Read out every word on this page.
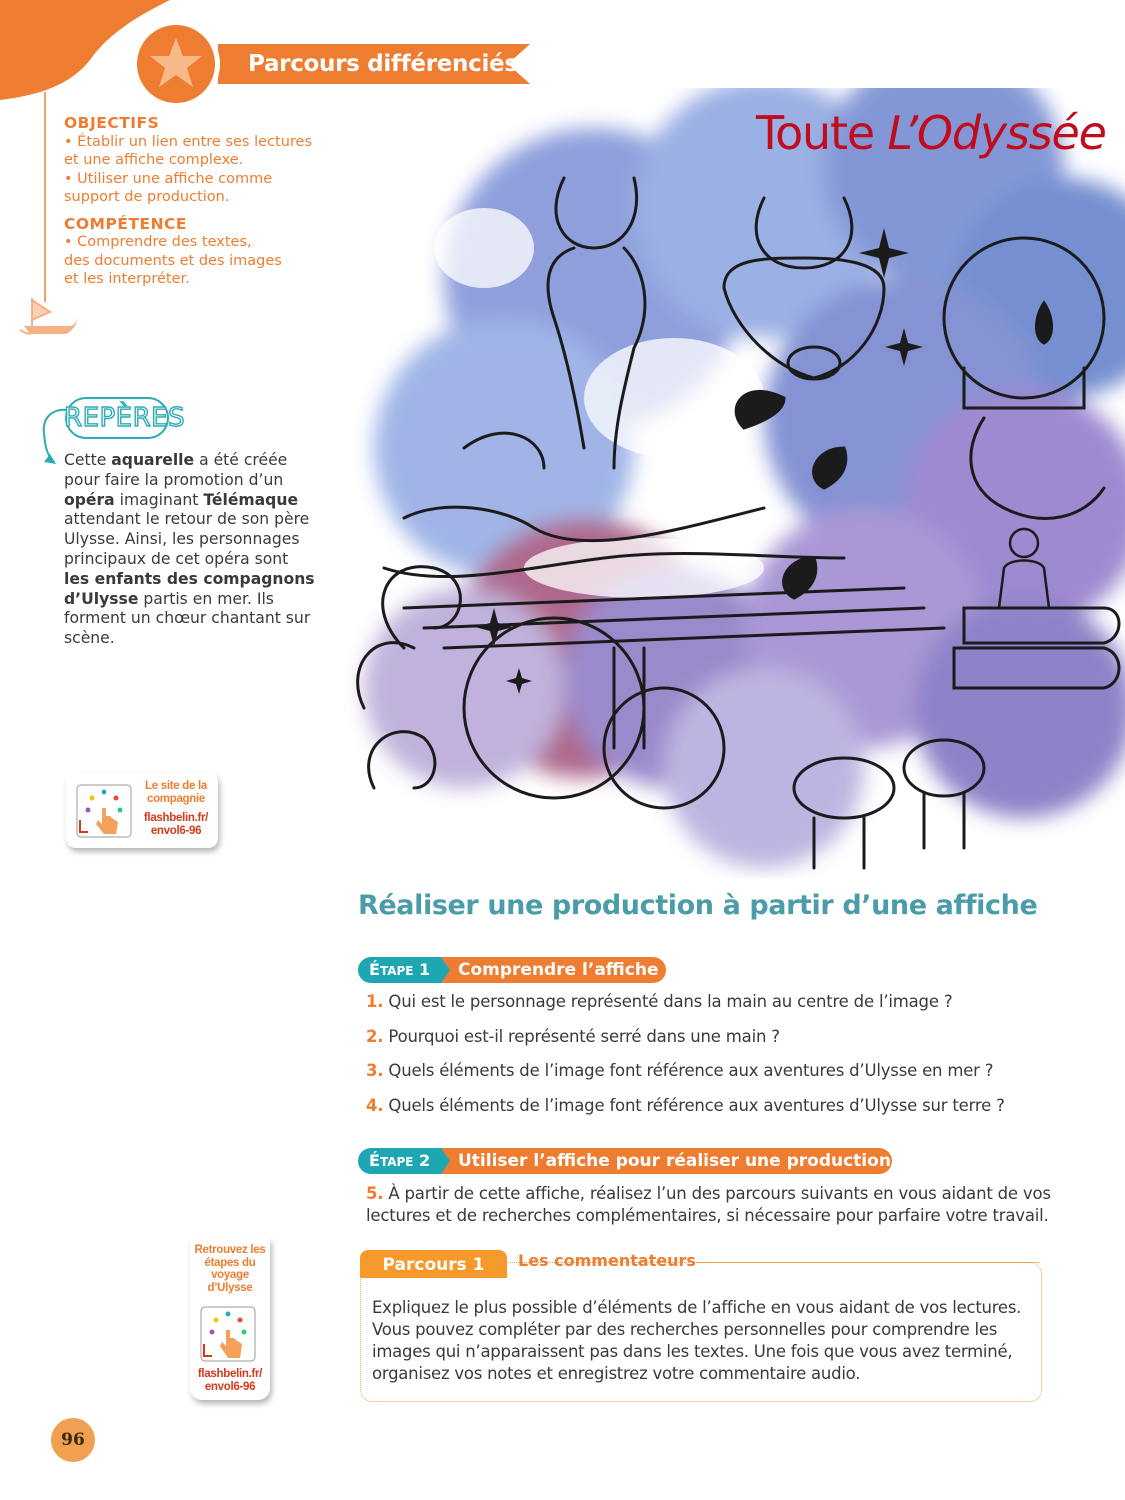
Parcours différenciés

OBJECTIFS

• Établir un lien entre ses lectures

et une affiche complexe.

• Utiliser une affiche comme

support de production.

COMPÉTENCE

• Comprendre des textes,

des documents et des images

et les interpréter.

REPÈRES
Cette aquarelle a été créée pour faire la promotion d’un opéra imaginant Télémaque attendant le retour de son père Ulysse. Ainsi, les personnages principaux de cet opéra sont les enfants des compagnons d’Ulysse partis en mer. Ils forment un chœur chantant sur scène.
Le site de la compagnie
flashbelin.fr/ envol6-96
Retrouvez les étapes du voyage d’Ulysse
flashbelin.fr/ envol6-96
96
Toute L’Odyssée
Réaliser une production à partir d’une affiche
ÉTAPE 1	Comprendre l’affiche
1. Qui est le personnage représenté dans la main au centre de l’image ?
2. Pourquoi est-il représenté serré dans une main ?
3. Quels éléments de l’image font référence aux aventures d’Ulysse en mer ?
4. Quels éléments de l’image font référence aux aventures d’Ulysse sur terre ?
ÉTAPE 2	Utiliser l’affiche pour réaliser une production
5. À partir de cette affiche, réalisez l’un des parcours suivants en vous aidant de vos lectures et de recherches complémentaires, si nécessaire pour parfaire votre travail.
Parcours 1	Les commentateurs
Expliquez le plus possible d’éléments de l’affiche en vous aidant de vos lectures. Vous pouvez compléter par des recherches personnelles pour comprendre les images qui n’apparaissent pas dans les textes. Une fois que vous avez terminé, organisez vos notes et enregistrez votre commentaire audio.
